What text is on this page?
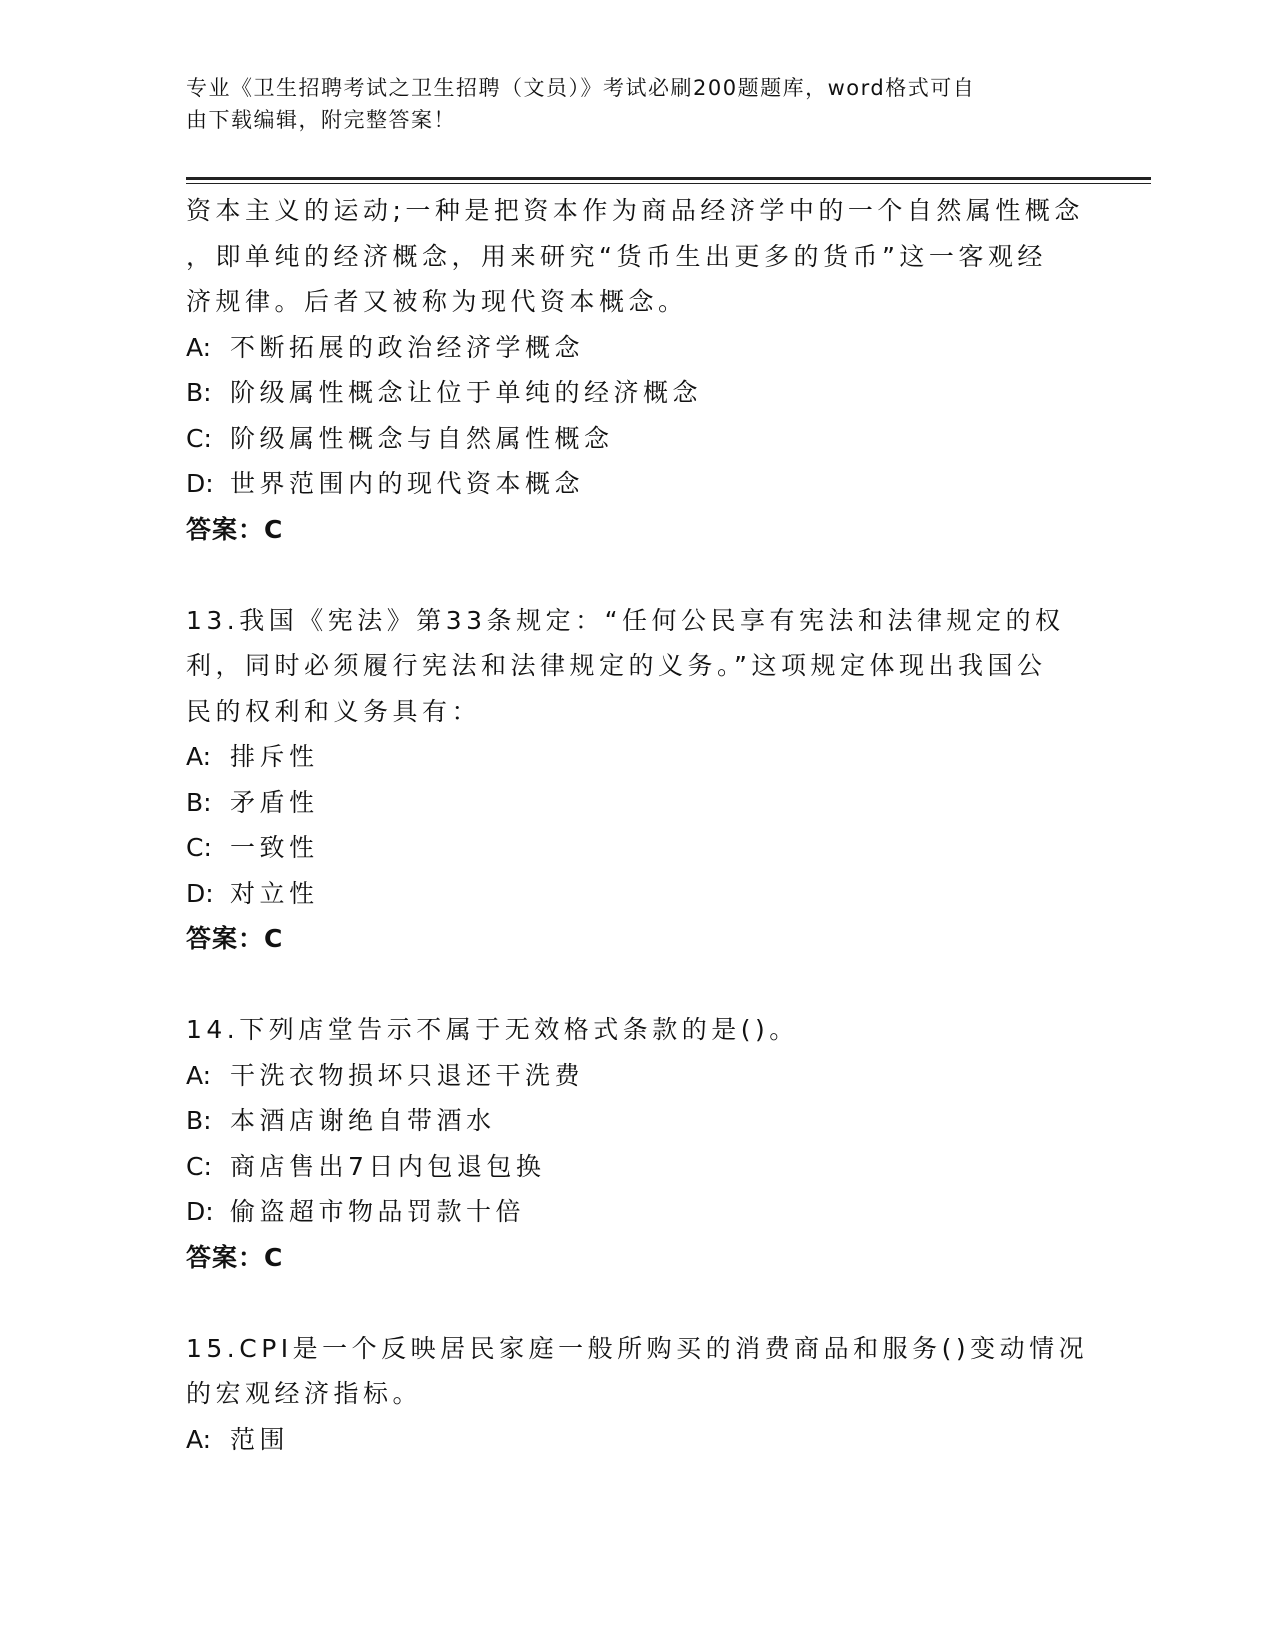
专业《卫生招聘考试之卫生招聘（文员）》考试必刷200题题库，word格式可自
由下载编辑，附完整答案！
资本主义的运动;一种是把资本作为商品经济学中的一个自然属性概念
，即单纯的经济概念，用来研究“货币生出更多的货币”这一客观经
济规律。后者又被称为现代资本概念。
A: 不断拓展的政治经济学概念
B: 阶级属性概念让位于单纯的经济概念
C: 阶级属性概念与自然属性概念
D: 世界范围内的现代资本概念
答案：C
13.我国《宪法》第33条规定：“任何公民享有宪法和法律规定的权
利，同时必须履行宪法和法律规定的义务。”这项规定体现出我国公
民的权利和义务具有：
A: 排斥性
B: 矛盾性
C: 一致性
D: 对立性
答案：C
14.下列店堂告示不属于无效格式条款的是()。
A: 干洗衣物损坏只退还干洗费
B: 本酒店谢绝自带酒水
C: 商店售出7日内包退包换
D: 偷盗超市物品罚款十倍
答案：C
15.CPI是一个反映居民家庭一般所购买的消费商品和服务()变动情况
的宏观经济指标。
A: 范围
